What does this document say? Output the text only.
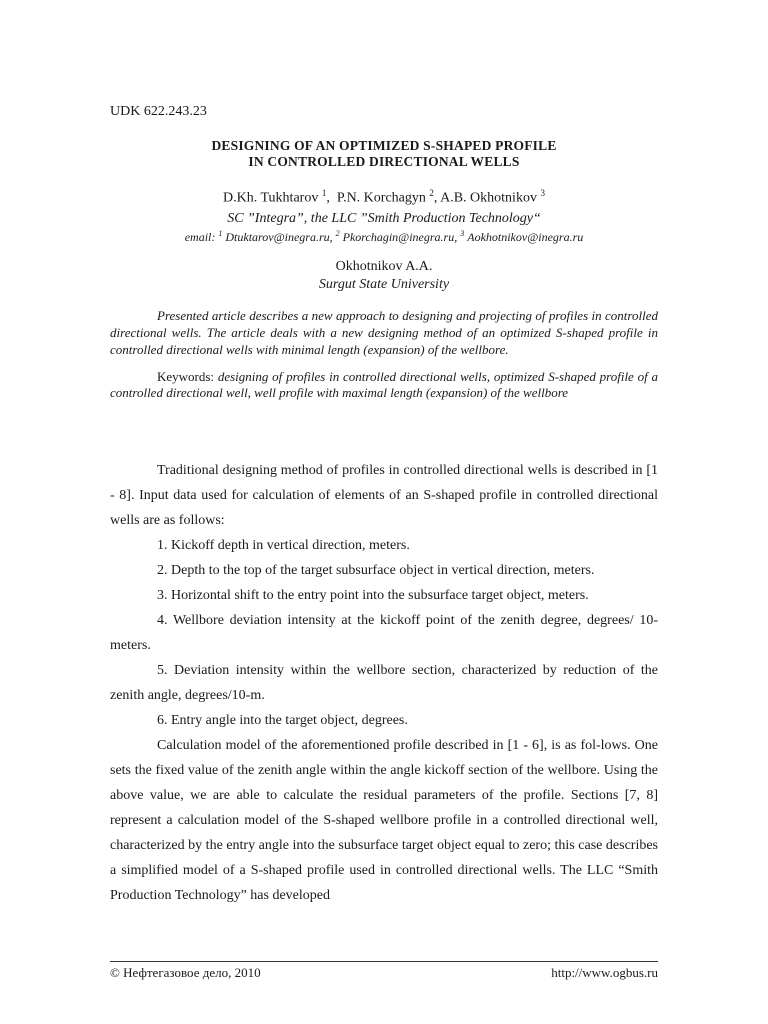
UDK 622.243.23
DESIGNING OF AN OPTIMIZED S-SHAPED PROFILE
IN CONTROLLED DIRECTIONAL WELLS
D.Kh. Tukhtarov $^1$,  P.N. Korchagyn $^2$, A.B. Okhotnikov $^3$
SC ”Integra”, the LLC ”Smith Production Technology“
email: $^1$ Dtuktarov@inegra.ru, $^2$ Pkorchagin@inegra.ru, $^3$ Aokhotnikov@inegra.ru
Okhotnikov A.A.
Surgut State University
Presented article describes a new approach to designing and projecting of profiles in controlled directional wells. The article deals with a new designing method of an optimized S-shaped profile in controlled directional wells with minimal length (expansion) of the wellbore.
Keywords: designing of profiles in controlled directional wells, optimized S-shaped profile of a controlled directional well, well profile with maximal length (expansion) of the wellbore

Traditional designing method of profiles in controlled directional wells is described in [1 - 8]. Input data used for calculation of elements of an S-shaped profile in controlled directional wells are as follows:

1. Kickoff depth in vertical direction, meters.

2. Depth to the top of the target subsurface object in vertical direction, meters.

3. Horizontal shift to the entry point into the subsurface target object, meters.

4. Wellbore deviation intensity at the kickoff point of the zenith degree, degrees/ 10-meters.

5. Deviation intensity within the wellbore section, characterized by reduction of the zenith angle, degrees/10-m.

6. Entry angle into the target object, degrees.

Calculation model of the aforementioned profile described in [1 - 6], is as fol-lows. One sets the fixed value of the zenith angle within the angle kickoff section of the wellbore. Using the above value, we are able to calculate the residual parameters of the profile. Sections [7, 8] represent a calculation model of the S-shaped wellbore profile in a controlled directional well, characterized by the entry angle into the subsurface target object equal to zero; this case describes a simplified model of a S-shaped profile used in controlled directional wells. The LLC “Smith Production Technology” has developed

© Нефтегазовое дело, 2010	http://www.ogbus.ru
